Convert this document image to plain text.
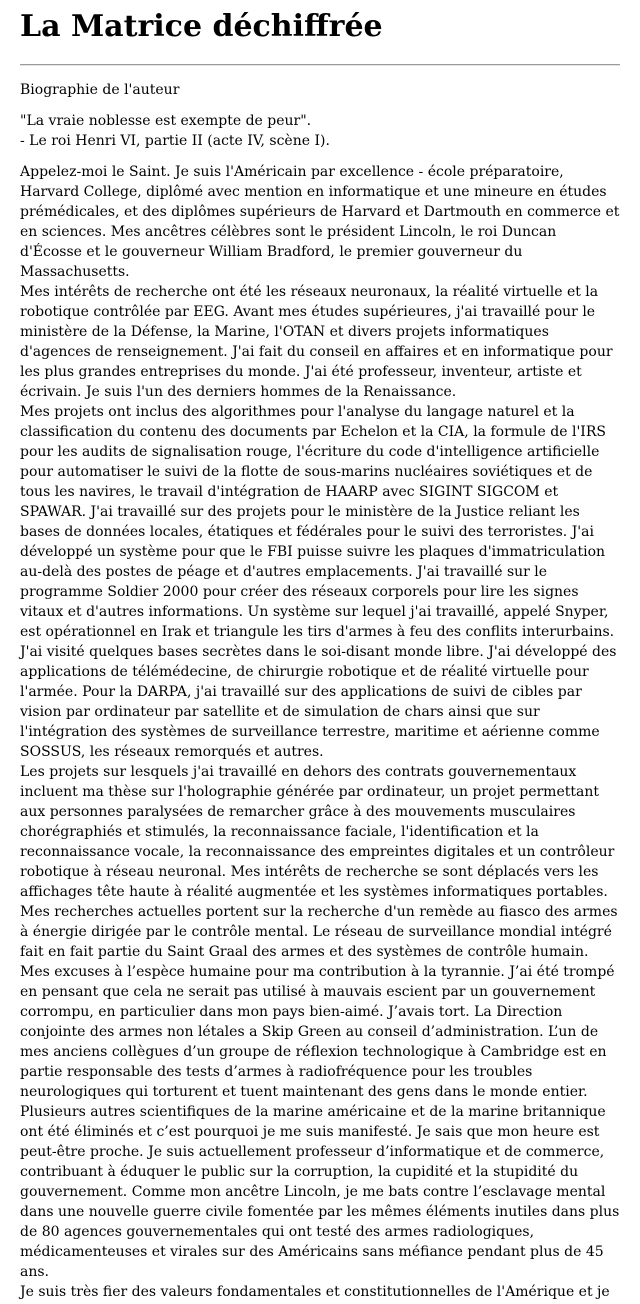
La Matrice déchiffrée

Biographie de l'auteur

"La vraie noblesse est exempte de peur".
- Le roi Henri VI, partie II (acte IV, scène I).

Appelez-moi le Saint. Je suis l'Américain par excellence - école préparatoire, Harvard College, diplômé avec mention en informatique et une mineure en études prémédicales, et des diplômes supérieurs de Harvard et Dartmouth en commerce et en sciences. Mes ancêtres célèbres sont le président Lincoln, le roi Duncan d'Écosse et le gouverneur William Bradford, le premier gouverneur du Massachusetts.

Mes intérêts de recherche ont été les réseaux neuronaux, la réalité virtuelle et la robotique contrôlée par EEG. Avant mes études supérieures, j'ai travaillé pour le ministère de la Défense, la Marine, l'OTAN et divers projets informatiques d'agences de renseignement. J'ai fait du conseil en affaires et en informatique pour les plus grandes entreprises du monde. J'ai été professeur, inventeur, artiste et écrivain. Je suis l'un des derniers hommes de la Renaissance.

Mes projets ont inclus des algorithmes pour l'analyse du langage naturel et la classification du contenu des documents par Echelon et la CIA, la formule de l'IRS pour les audits de signalisation rouge, l'écriture du code d'intelligence artificielle pour automatiser le suivi de la flotte de sous-marins nucléaires soviétiques et de tous les navires, le travail d'intégration de HAARP avec SIGINT SIGCOM et SPAWAR. J'ai travaillé sur des projets pour le ministère de la Justice reliant les bases de données locales, étatiques et fédérales pour le suivi des terroristes. J'ai développé un système pour que le FBI puisse suivre les plaques d'immatriculation au-delà des postes de péage et d'autres emplacements. J'ai travaillé sur le programme Soldier 2000 pour créer des réseaux corporels pour lire les signes vitaux et d'autres informations. Un système sur lequel j'ai travaillé, appelé Snyper, est opérationnel en Irak et triangule les tirs d'armes à feu des conflits interurbains. J'ai visité quelques bases secrètes dans le soi-disant monde libre. J'ai développé des applications de télémédecine, de chirurgie robotique et de réalité virtuelle pour l'armée. Pour la DARPA, j'ai travaillé sur des applications de suivi de cibles par vision par ordinateur par satellite et de simulation de chars ainsi que sur l'intégration des systèmes de surveillance terrestre, maritime et aérienne comme SOSSUS, les réseaux remorqués et autres.

Les projets sur lesquels j'ai travaillé en dehors des contrats gouvernementaux incluent ma thèse sur l'holographie générée par ordinateur, un projet permettant aux personnes paralysées de remarcher grâce à des mouvements musculaires chorégraphiés et stimulés, la reconnaissance faciale, l'identification et la reconnaissance vocale, la reconnaissance des empreintes digitales et un contrôleur robotique à réseau neuronal. Mes intérêts de recherche se sont déplacés vers les affichages tête haute à réalité augmentée et les systèmes informatiques portables.

Mes recherches actuelles portent sur la recherche d'un remède au fiasco des armes à énergie dirigée par le contrôle mental. Le réseau de surveillance mondial intégré fait en fait partie du Saint Graal des armes et des systèmes de contrôle humain.

Mes excuses à l’espèce humaine pour ma contribution à la tyrannie. J’ai été trompé en pensant que cela ne serait pas utilisé à mauvais escient par un gouvernement corrompu, en particulier dans mon pays bien-aimé. J’avais tort. La Direction conjointe des armes non létales a Skip Green au conseil d’administration. L’un de mes anciens collègues d’un groupe de réflexion technologique à Cambridge est en partie responsable des tests d’armes à radiofréquence pour les troubles neurologiques qui torturent et tuent maintenant des gens dans le monde entier.

Plusieurs autres scientifiques de la marine américaine et de la marine britannique ont été éliminés et c’est pourquoi je me suis manifesté. Je sais que mon heure est peut-être proche. Je suis actuellement professeur d’informatique et de commerce, contribuant à éduquer le public sur la corruption, la cupidité et la stupidité du gouvernement. Comme mon ancêtre Lincoln, je me bats contre l’esclavage mental dans une nouvelle guerre civile fomentée par les mêmes éléments inutiles dans plus de 80 agences gouvernementales qui ont testé des armes radiologiques, médicamenteuses et virales sur des Américains sans méfiance pendant plus de 45 ans.

Je suis très fier des valeurs fondamentales et constitutionnelles de l'Amérique et je
